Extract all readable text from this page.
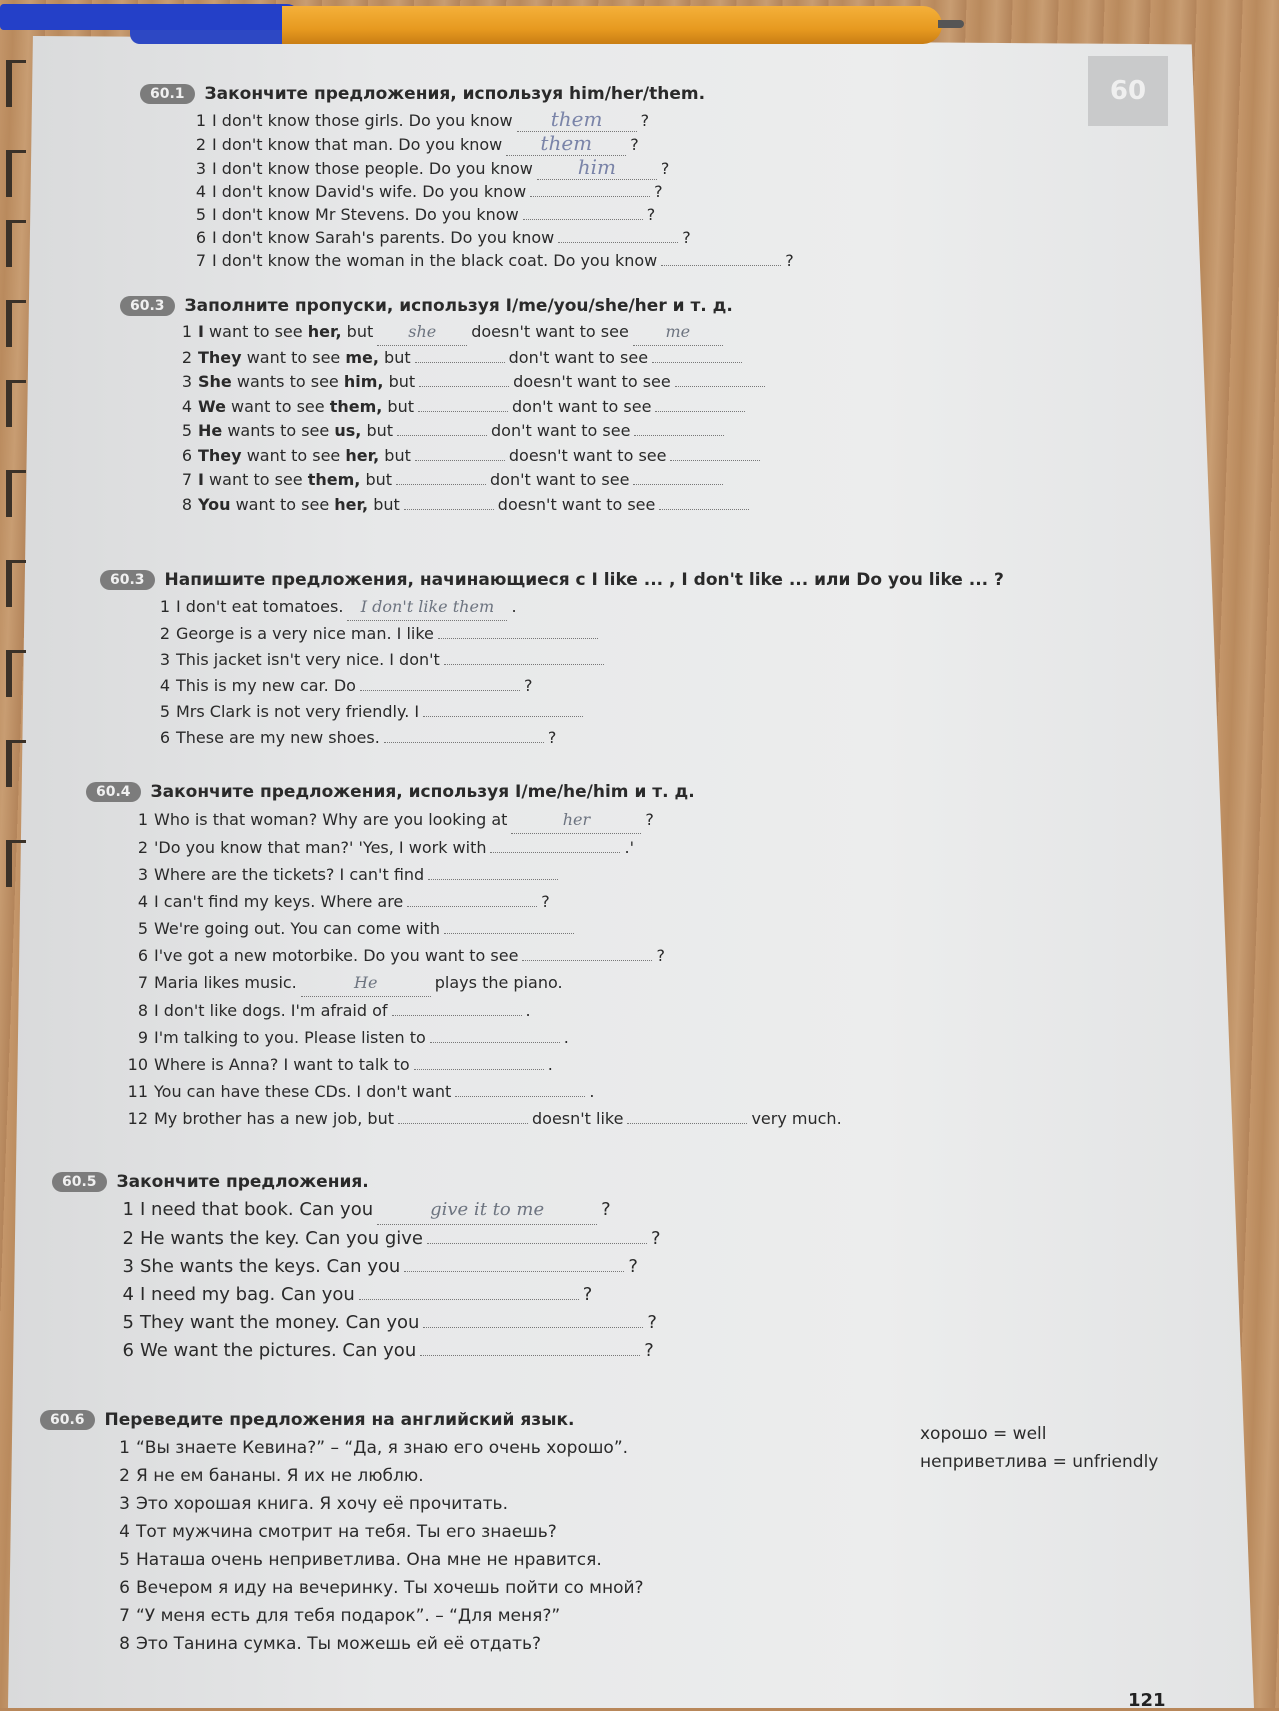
60
60.1	Закончите предложения, используя him/her/them.
1 I don't know those girls. Do you know them ?
2 I don't know that man. Do you know them ?
3 I don't know those people. Do you know him	?
4 I don't know David's wife. Do you know	?
5 I don't know Mr Stevens. Do you know	?
6 I don't know Sarah's parents. Do you know	?
7 I don't know the woman in the black coat. Do you know	?
60.3	Заполните пропуски, используя I/me/you/she/her и т. д.
1 I want to see her, but she doesn't want to see me
2 They want to see me, but	don't want to see
3 She wants to see him, but	doesn't want to see
4 We want to see them, but	don't want to see
5 He wants to see us, but	don't want to see
6 They want to see her, but	doesn't want to see
7 I want to see them, but	don't want to see
8 You want to see her, but	doesn't want to see
60.3	Напишите предложения, начинающиеся с I like ... , I don't like ... или Do you like ... ?
1 I don't eat tomatoes. I don't like them .
2 George is a very nice man. I like
3 This jacket isn't very nice. I don't
4 This is my new car. Do	?
5 Mrs Clark is not very friendly. I
6 These are my new shoes.	?
60.4	Закончите предложения, используя I/me/he/him и т. д.
1 Who is that woman? Why are you looking at	her	?
2 'Do you know that man?' 'Yes, I work with	.'
3 Where are the tickets? I can't find
4 I can't find my keys. Where are	?
5 We're going out. You can come with
6 I've got a new motorbike. Do you want to see	?
7 Maria likes music.	He	plays the piano.
8 I don't like dogs. I'm afraid of	.
9 I'm talking to you. Please listen to	.
10 Where is Anna? I want to talk to	.
11 You can have these CDs. I don't want	.
12 My brother has a new job, but	doesn't like	very much.
60.5	Закончите предложения.
1 I need that book. Can you	give it to me	?
2 He wants the key. Can you give	?
3 She wants the keys. Can you	?
4 I need my bag. Can you	?
5 They want the money. Can you	?
6 We want the pictures. Can you	?
60.6	Переведите предложения на английский язык.
1 “Вы знаете Кевина?” – “Да, я знаю его очень хорошо”.
2 Я не ем бананы. Я их не люблю.
3 Это хорошая книга. Я хочу её прочитать.
4 Тот мужчина смотрит на тебя. Ты его знаешь?
5 Наташа очень неприветлива. Она мне не нравится.
6 Вечером я иду на вечеринку. Ты хочешь пойти со мной?
7 “У меня есть для тебя подарок”. – “Для меня?”
8 Это Танина сумка. Ты можешь ей её отдать?
хорошо = well
неприветлива = unfriendly
121
